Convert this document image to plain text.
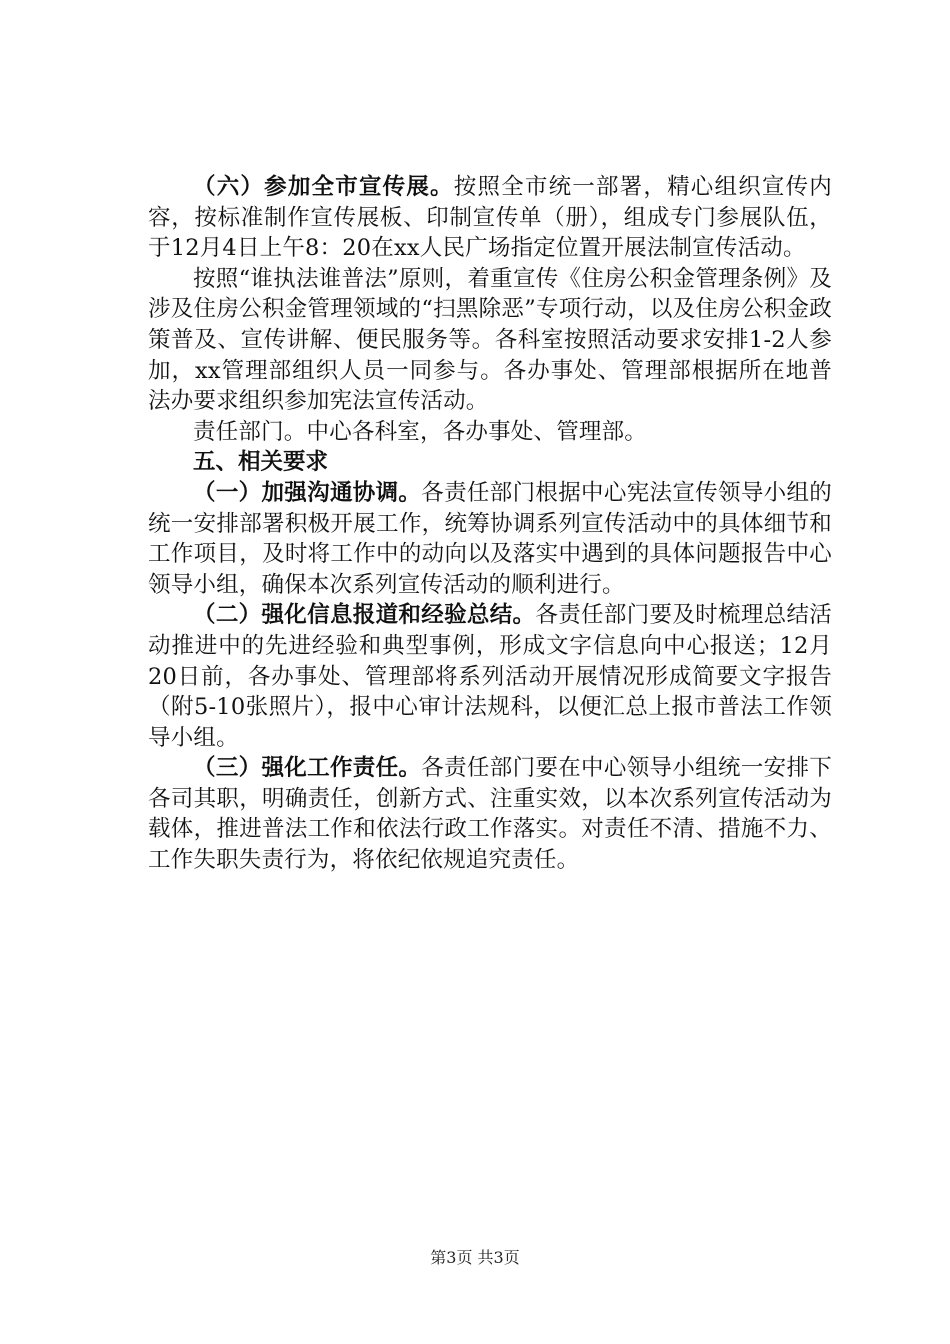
（六）参加全市宣传展。按照全市统一部署，精心组织宣传内容，按标准制作宣传展板、印制宣传单（册），组成专门参展队伍，于12月4日上午8：20在xx人民广场指定位置开展法制宣传活动。

按照“谁执法谁普法”原则，着重宣传《住房公积金管理条例》及涉及住房公积金管理领域的“扫黑除恶”专项行动，以及住房公积金政策普及、宣传讲解、便民服务等。各科室按照活动要求安排1-2人参加，xx管理部组织人员一同参与。各办事处、管理部根据所在地普法办要求组织参加宪法宣传活动。

责任部门。中心各科室，各办事处、管理部。

五、相关要求

（一）加强沟通协调。各责任部门根据中心宪法宣传领导小组的统一安排部署积极开展工作，统筹协调系列宣传活动中的具体细节和工作项目，及时将工作中的动向以及落实中遇到的具体问题报告中心领导小组，确保本次系列宣传活动的顺利进行。

（二）强化信息报道和经验总结。各责任部门要及时梳理总结活动推进中的先进经验和典型事例，形成文字信息向中心报送；12月20日前，各办事处、管理部将系列活动开展情况形成简要文字报告（附5-10张照片），报中心审计法规科，以便汇总上报市普法工作领导小组。

（三）强化工作责任。各责任部门要在中心领导小组统一安排下各司其职，明确责任，创新方式、注重实效，以本次系列宣传活动为载体，推进普法工作和依法行政工作落实。对责任不清、措施不力、工作失职失责行为，将依纪依规追究责任。

第3页 共3页
